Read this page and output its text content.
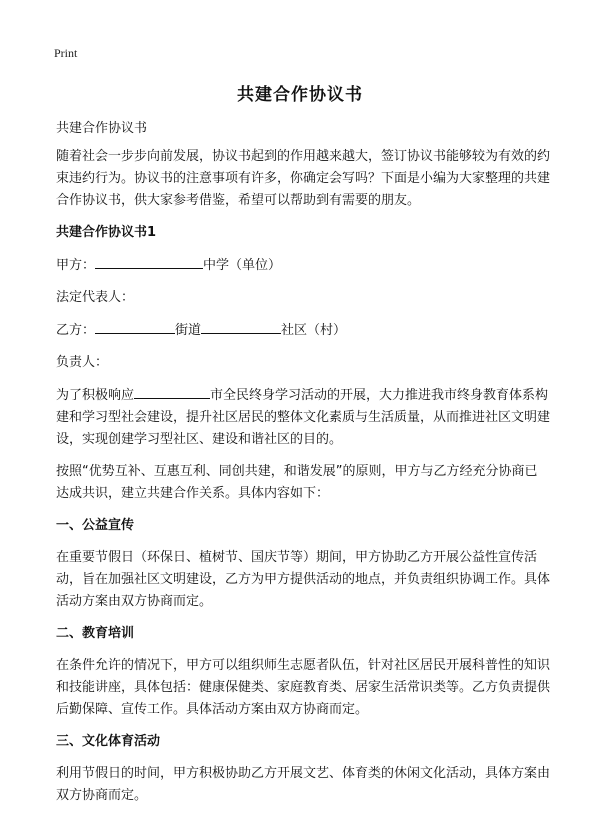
Print
共建合作协议书

共建合作协议书

随着社会一步步向前发展，协议书起到的作用越来越大，签订协议书能够较为有效的约束违约行为。协议书的注意事项有许多，你确定会写吗？下面是小编为大家整理的共建合作协议书，供大家参考借鉴，希望可以帮助到有需要的朋友。

共建合作协议书1

甲方：	中学（单位）

法定代表人：

乙方：	街道	社区（村）

负责人：

为了积极响应	市全民终身学习活动的开展，大力推进我市终身教育体系构建和学习型社会建设，提升社区居民的整体文化素质与生活质量，从而推进社区文明建设，实现创建学习型社区、建设和谐社区的目的。

按照“优势互补、互惠互利、同创共建，和谐发展”的原则，甲方与乙方经充分协商已达成共识，建立共建合作关系。具体内容如下：

一、公益宣传

在重要节假日（环保日、植树节、国庆节等）期间，甲方协助乙方开展公益性宣传活动，旨在加强社区文明建设，乙方为甲方提供活动的地点，并负责组织协调工作。具体活动方案由双方协商而定。

二、教育培训

在条件允许的情况下，甲方可以组织师生志愿者队伍，针对社区居民开展科普性的知识和技能讲座，具体包括：健康保健类、家庭教育类、居家生活常识类等。乙方负责提供后勤保障、宣传工作。具体活动方案由双方协商而定。

三、文化体育活动

利用节假日的时间，甲方积极协助乙方开展文艺、体育类的休闲文化活动，具体方案由双方协商而定。
